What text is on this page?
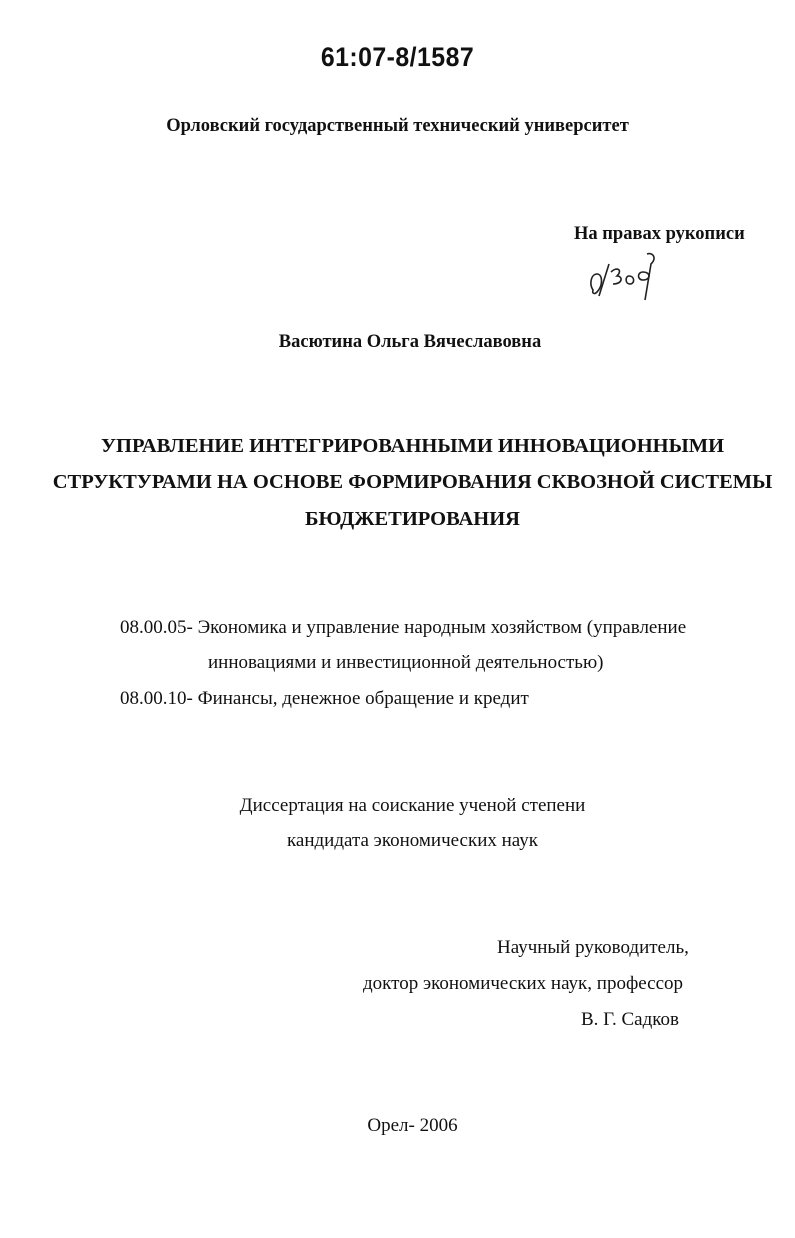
61:07-8/1587
Орловский государственный технический университет
На правах рукописи
Васютина Ольга Вячеславовна
УПРАВЛЕНИЕ ИНТЕГРИРОВАННЫМИ ИННОВАЦИОННЫМИ
СТРУКТУРАМИ НА ОСНОВЕ ФОРМИРОВАНИЯ СКВОЗНОЙ СИСТЕМЫ
БЮДЖЕТИРОВАНИЯ
08.00.05- Экономика и управление народным хозяйством (управление
инновациями и инвестиционной деятельностью)
08.00.10- Финансы, денежное обращение и кредит
Диссертация на соискание ученой степени
кандидата экономических наук
Научный руководитель,
доктор экономических наук, профессор
В. Г. Садков
Орел- 2006
